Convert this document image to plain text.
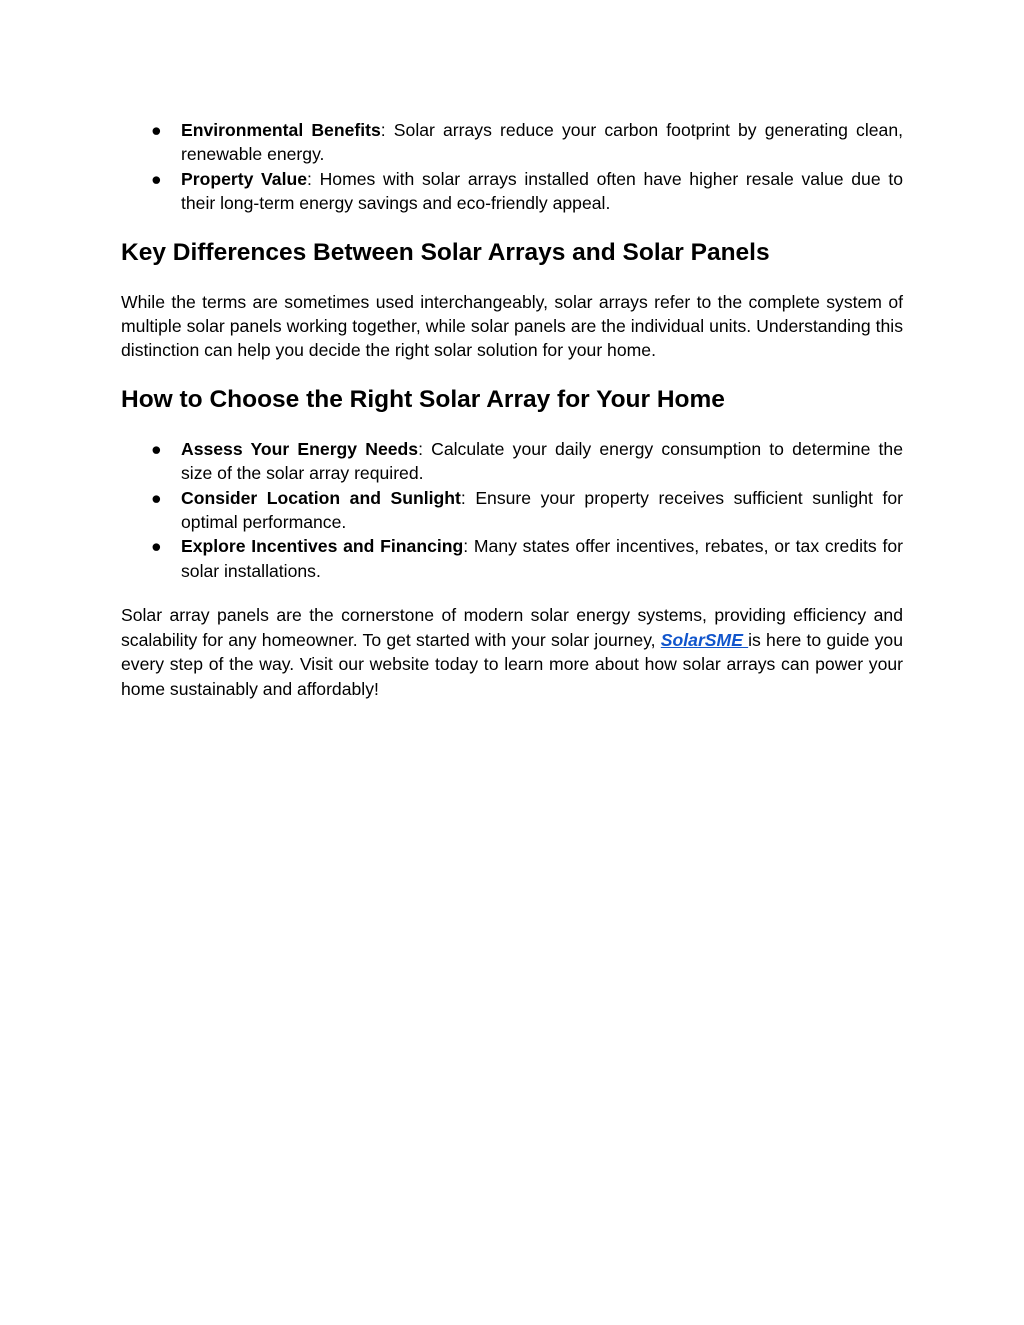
● Environmental Benefits: Solar arrays reduce your carbon footprint by generating clean, renewable energy.
● Property Value: Homes with solar arrays installed often have higher resale value due to their long-term energy savings and eco-friendly appeal.
Key Differences Between Solar Arrays and Solar Panels

While the terms are sometimes used interchangeably, solar arrays refer to the complete system of multiple solar panels working together, while solar panels are the individual units. Understanding this distinction can help you decide the right solar solution for your home.

How to Choose the Right Solar Array for Your Home
● Assess Your Energy Needs: Calculate your daily energy consumption to determine the size of the solar array required.
● Consider Location and Sunlight: Ensure your property receives sufficient sunlight for optimal performance.
● Explore Incentives and Financing: Many states offer incentives, rebates, or tax credits for solar installations.

Solar array panels are the cornerstone of modern solar energy systems, providing efficiency and scalability for any homeowner. To get started with your solar journey, SolarSME is here to guide you every step of the way. Visit our website today to learn more about how solar arrays can power your home sustainably and affordably!
